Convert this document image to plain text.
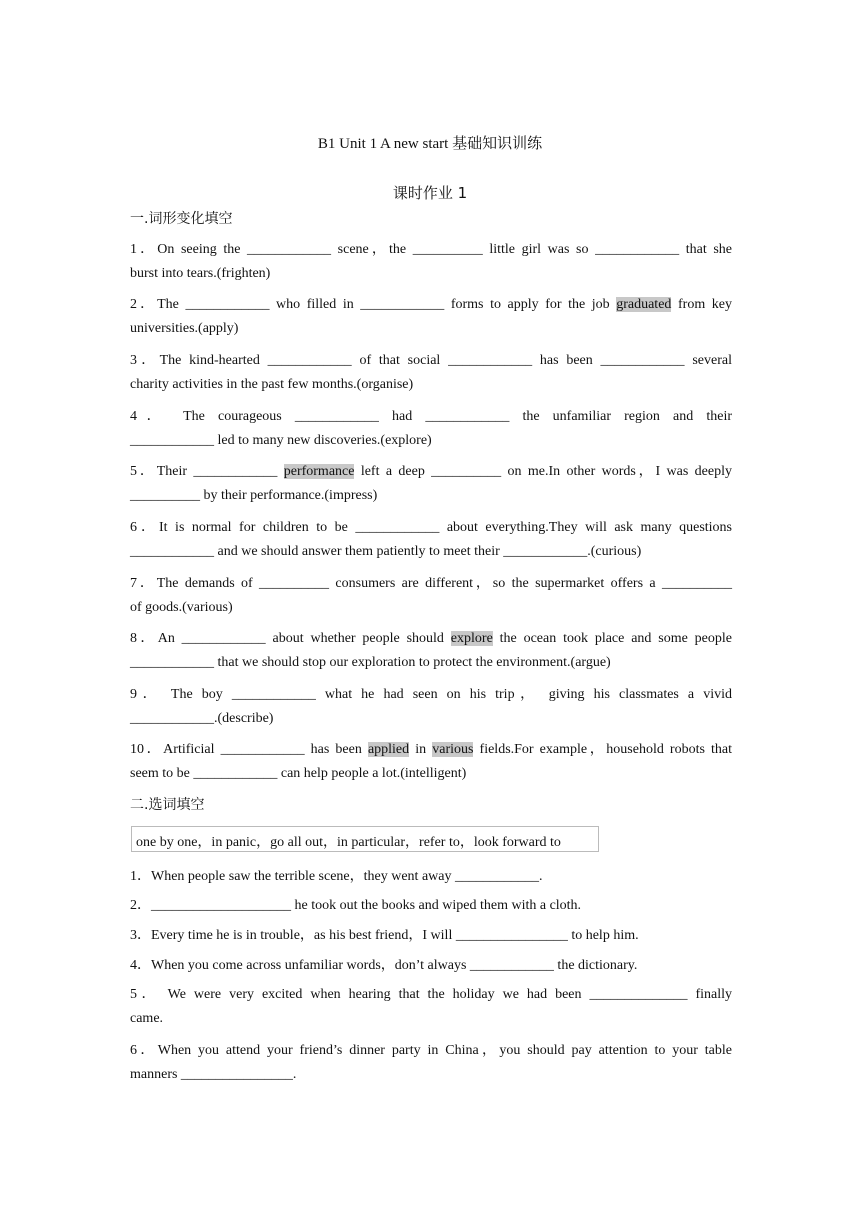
B1 Unit 1 A new start 基础知识训练
课时作业 1
一.词形变化填空
1．On seeing the ____________ scene，the __________ little girl was so ____________ that she
burst into tears.(frighten)
2．The ____________ who filled in ____________ forms to apply for the job graduated from key
universities.(apply)
3．The kind-hearted ____________ of that social ____________ has been ____________ several
charity activities in the past few months.(organise)
4． The courageous ____________ had ____________ the unfamiliar region and their
____________ led to many new discoveries.(explore)
5．Their ____________ performance left a deep __________ on me.In other words，I was deeply
__________ by their performance.(impress)
6．It is normal for children to be ____________ about everything.They will ask many questions
____________ and we should answer them patiently to meet their ____________.(curious)
7．The demands of __________ consumers are different，so the supermarket offers a __________
of goods.(various)
8．An ____________ about whether people should explore the ocean took place and some people
____________ that we should stop our exploration to protect the environment.(argue)
9． The boy ____________ what he had seen on his trip， giving his classmates a vivid
____________.(describe)
10．Artificial ____________ has been applied in various fields.For example，household robots that
seem to be ____________ can help people a lot.(intelligent)
二.选词填空
one by one，in panic，go all out，in particular，refer to，look forward to
1．When people saw the terrible scene，they went away ____________.
2．____________________ he took out the books and wiped them with a cloth.
3．Every time he is in trouble，as his best friend，I will ________________ to help him.
4．When you come across unfamiliar words，don’t always ____________ the dictionary.
5． We were very excited when hearing that the holiday we had been ______________ finally
came.
6．When you attend your friend’s dinner party in China，you should pay attention to your table
manners ________________.
